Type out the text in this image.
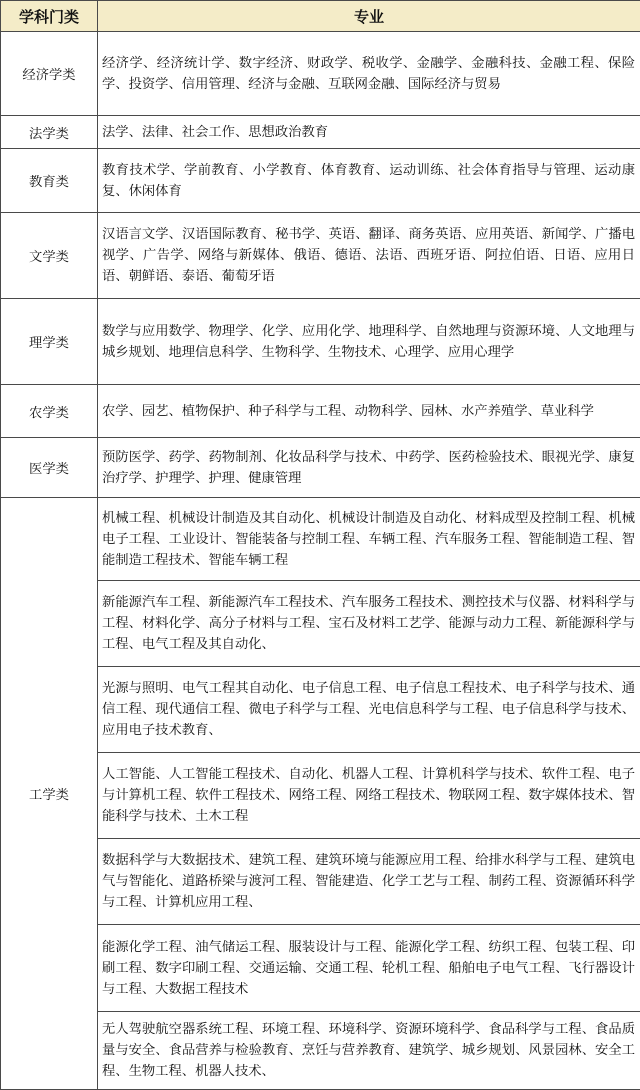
学科门类	专业
经济学类	经济学、经济统计学、数字经济、财政学、税收学、金融学、金融科技、金融工程、保险学、投资学、信用管理、经济与金融、互联网金融、国际经济与贸易
法学类	法学、法律、社会工作、思想政治教育
教育类	教育技术学、学前教育、小学教育、体育教育、运动训练、社会体育指导与管理、运动康复、休闲体育
文学类	汉语言文学、汉语国际教育、秘书学、英语、翻译、商务英语、应用英语、新闻学、广播电视学、广告学、网络与新媒体、俄语、德语、法语、西班牙语、阿拉伯语、日语、应用日语、朝鲜语、泰语、葡萄牙语
理学类	数学与应用数学、物理学、化学、应用化学、地理科学、自然地理与资源环境、人文地理与城乡规划、地理信息科学、生物科学、生物技术、心理学、应用心理学
农学类	农学、园艺、植物保护、种子科学与工程、动物科学、园林、水产养殖学、草业科学
医学类	预防医学、药学、药物制剂、化妆品科学与技术、中药学、医药检验技术、眼视光学、康复治疗学、护理学、护理、健康管理
工学类	机械工程、机械设计制造及其自动化、机械设计制造及自动化、材料成型及控制工程、机械电子工程、工业设计、智能装备与控制工程、车辆工程、汽车服务工程、智能制造工程、智能制造工程技术、智能车辆工程
	新能源汽车工程、新能源汽车工程技术、汽车服务工程技术、测控技术与仪器、材料科学与工程、材料化学、高分子材料与工程、宝石及材料工艺学、能源与动力工程、新能源科学与工程、电气工程及其自动化、
	光源与照明、电气工程其自动化、电子信息工程、电子信息工程技术、电子科学与技术、通信工程、现代通信工程、微电子科学与工程、光电信息科学与工程、电子信息科学与技术、应用电子技术教育、
	人工智能、人工智能工程技术、自动化、机器人工程、计算机科学与技术、软件工程、电子与计算机工程、软件工程技术、网络工程、网络工程技术、物联网工程、数字媒体技术、智能科学与技术、土木工程
	数据科学与大数据技术、建筑工程、建筑环境与能源应用工程、给排水科学与工程、建筑电气与智能化、道路桥梁与渡河工程、智能建造、化学工艺与工程、制药工程、资源循环科学与工程、计算机应用工程、
	能源化学工程、油气储运工程、服装设计与工程、能源化学工程、纺织工程、包装工程、印刷工程、数字印刷工程、交通运输、交通工程、轮机工程、船舶电子电气工程、飞行器设计与工程、大数据工程技术
	无人驾驶航空器系统工程、环境工程、环境科学、资源环境科学、食品科学与工程、食品质量与安全、食品营养与检验教育、烹饪与营养教育、建筑学、城乡规划、风景园林、安全工程、生物工程、机器人技术、
